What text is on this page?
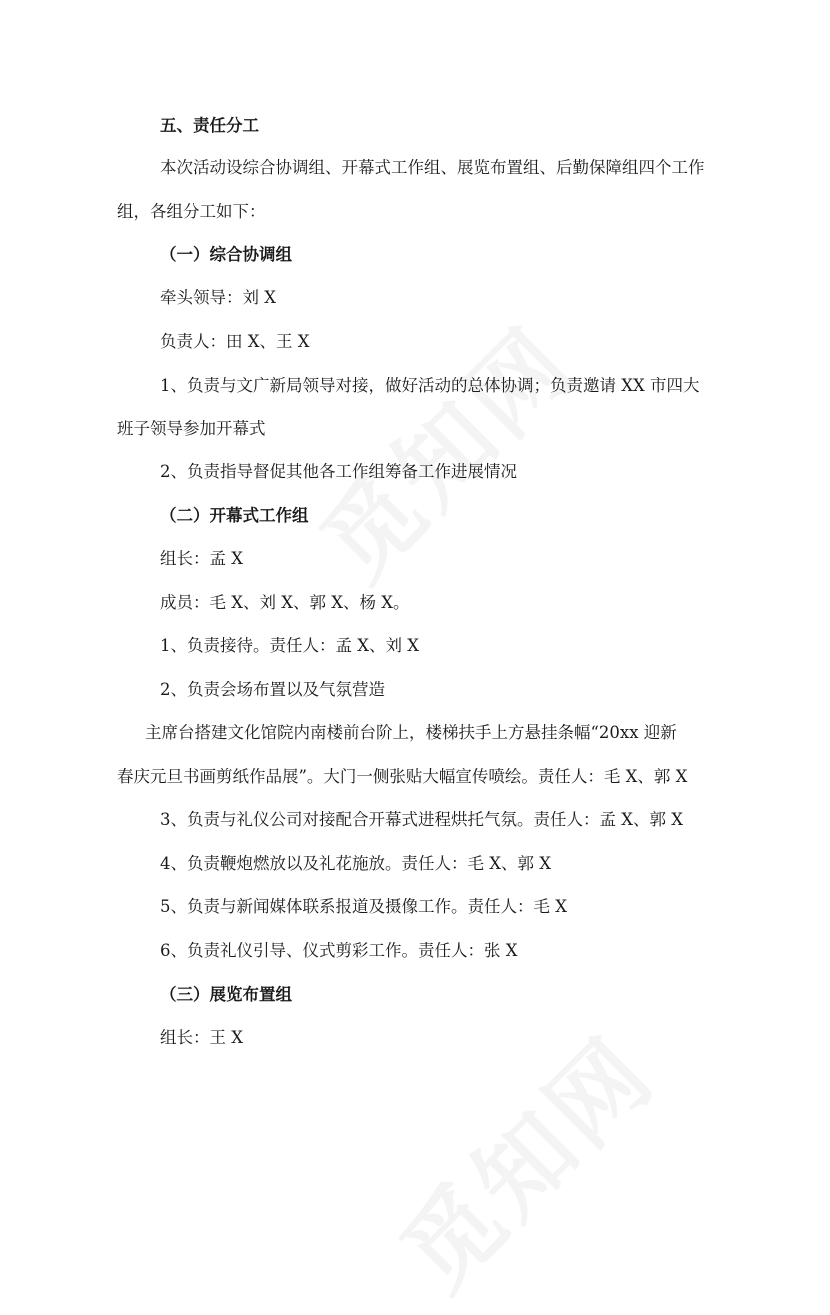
五、责任分工
本次活动设综合协调组、开幕式工作组、展览布置组、后勤保障组四个工作
组，各组分工如下：
（一）综合协调组
牵头领导：刘 X
负责人：田 X、王 X
1、负责与文广新局领导对接，做好活动的总体协调；负责邀请 XX 市四大
班子领导参加开幕式
2、负责指导督促其他各工作组筹备工作进展情况
（二）开幕式工作组
组长：孟 X
成员：毛 X、刘 X、郭 X、杨 X。
1、负责接待。责任人：孟 X、刘 X
2、负责会场布置以及气氛营造
主席台搭建文化馆院内南楼前台阶上，楼梯扶手上方悬挂条幅“20xx 迎新
春庆元旦书画剪纸作品展”。大门一侧张贴大幅宣传喷绘。责任人：毛 X、郭 X
3、负责与礼仪公司对接配合开幕式进程烘托气氛。责任人：孟 X、郭 X
4、负责鞭炮燃放以及礼花施放。责任人：毛 X、郭 X
5、负责与新闻媒体联系报道及摄像工作。责任人：毛 X
6、负责礼仪引导、仪式剪彩工作。责任人：张 X
（三）展览布置组
组长：王 X
